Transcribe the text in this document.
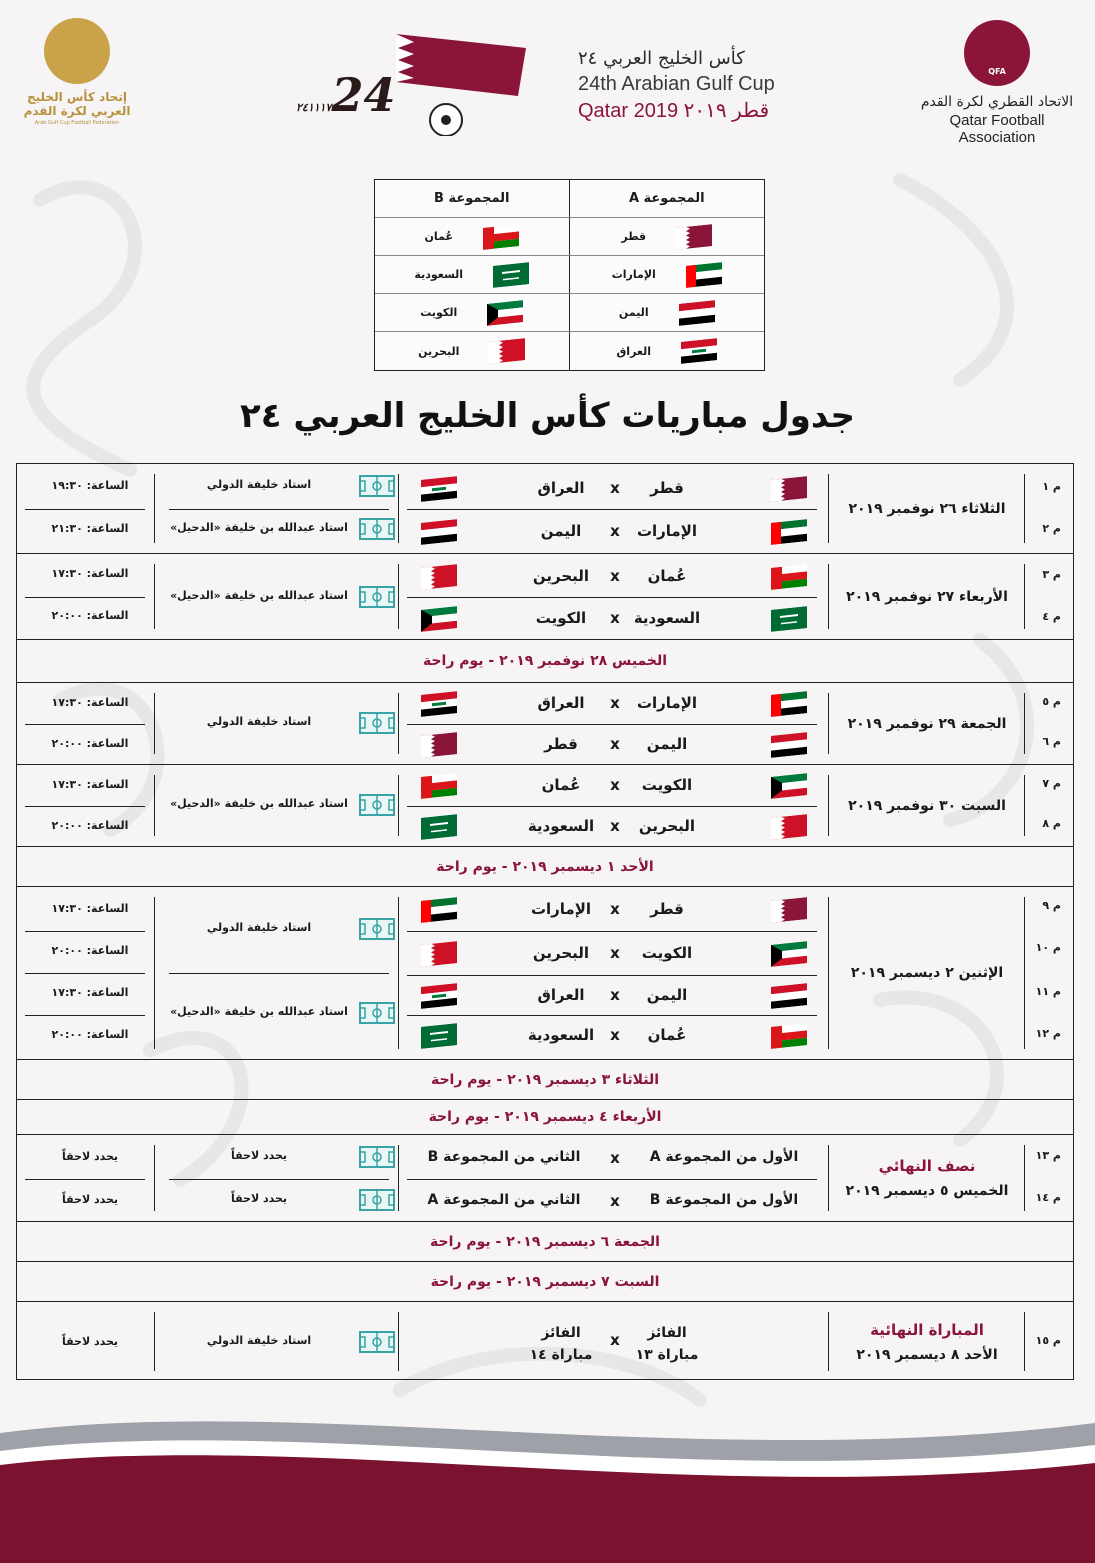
إتحاد كأس الخليج العربي لكرة القدم
Arab Gulf Cup Football Federation
٢٤١١١٧24
كأس الخليج العربي ٢٤
24th Arabian Gulf Cup
Qatar 2019 قطر ٢٠١٩
QFA
الاتحاد القطري لكرة القدم
Qatar Football Association
المجموعة A
المجموعة B
قطر
عُمان
الإمارات
السعودية
اليمن
الكويت
العراق
البحرين
جدول مباريات كأس الخليج العربي ٢٤
م ١
م ٢
الثلاثاء ٢٦ نوفمبر ٢٠١٩
قطر
x
العراق
الإمارات
x
اليمن
استاد خليفة الدولي
استاد عبدالله بن خليفة «الدحيل»
الساعة: ١٩:٣٠
الساعة: ٢١:٣٠
م ٣
م ٤
الأربعاء ٢٧ نوفمبر ٢٠١٩
عُمان
x
البحرين
السعودية
x
الكويت
استاد عبدالله بن خليفة «الدحيل»
الساعة: ١٧:٣٠
الساعة: ٢٠:٠٠
الخميس ٢٨ نوفمبر ٢٠١٩ - يوم راحة
م ٥
م ٦
الجمعة ٢٩ نوفمبر ٢٠١٩
الإمارات
x
العراق
اليمن
x
قطر
استاد خليفة الدولي
الساعة: ١٧:٣٠
الساعة: ٢٠:٠٠
م ٧
م ٨
السبت ٣٠ نوفمبر ٢٠١٩
الكويت
x
عُمان
البحرين
x
السعودية
استاد عبدالله بن خليفة «الدحيل»
الساعة: ١٧:٣٠
الساعة: ٢٠:٠٠
الأحد ١ ديسمبر ٢٠١٩ - يوم راحة
م ٩
م ١٠
م ١١
م ١٢
الإثنين ٢ ديسمبر ٢٠١٩
قطر
x
الإمارات
الكويت
x
البحرين
اليمن
x
العراق
عُمان
x
السعودية
استاد خليفة الدولي
استاد عبدالله بن خليفة «الدحيل»
الساعة: ١٧:٣٠
الساعة: ٢٠:٠٠
الساعة: ١٧:٣٠
الساعة: ٢٠:٠٠
الثلاثاء ٣ ديسمبر ٢٠١٩ - يوم راحة
الأربعاء ٤ ديسمبر ٢٠١٩ - يوم راحة
م ١٣
م ١٤
نصف النهائي
الخميس ٥ ديسمبر ٢٠١٩
الأول من المجموعة A
x
الثاني من المجموعة B
الأول من المجموعة B
x
الثاني من المجموعة A
يحدد لاحقاً
يحدد لاحقاً
يحدد لاحقاً
يحدد لاحقاً
الجمعة ٦ ديسمبر ٢٠١٩ - يوم راحة
السبت ٧ ديسمبر ٢٠١٩ - يوم راحة
م ١٥
المباراة النهائية
الأحد ٨ ديسمبر ٢٠١٩
الفائز
مباراة ١٣
x
الفائز
مباراة ١٤
استاد خليفة الدولي
يحدد لاحقاً
